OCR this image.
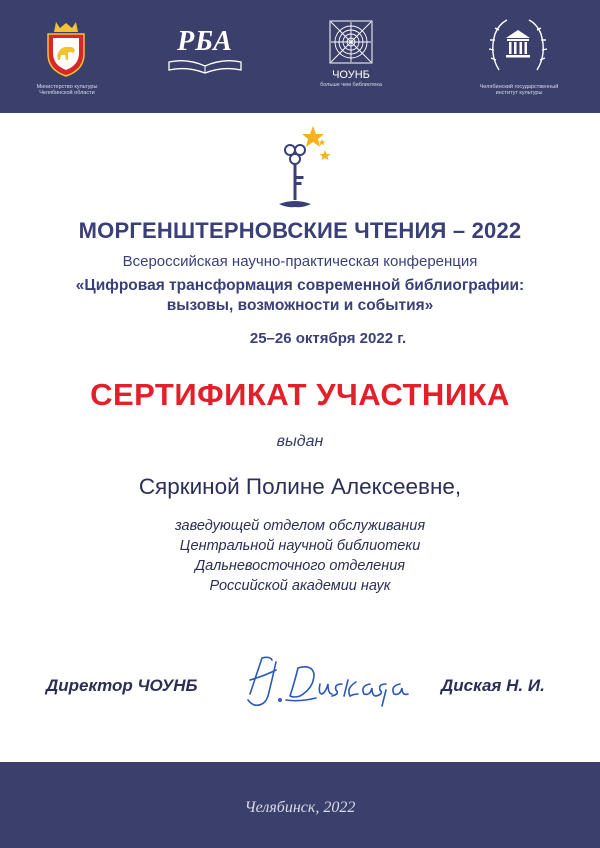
Министерство культуры Челябинской области
РБА
ЧОУНБ
больше чем библиотека	Челябинский государственный институт культуры
МОРГЕНШТЕРНОВСКИЕ ЧТЕНИЯ – 2022
Всероссийская научно-практическая конференция
«Цифровая трансформация современной библиографии:
вызовы, возможности и события»
25–26 октября 2022 г.
СЕРТИФИКАТ УЧАСТНИКА
выдан
Сяркиной Полине Алексеевне,
заведующей отделом обслуживания
Центральной научной библиотеки
Дальневосточного отделения
Российской академии наук
Директор ЧОУНБ	Диская Н. И.
Челябинск, 2022
